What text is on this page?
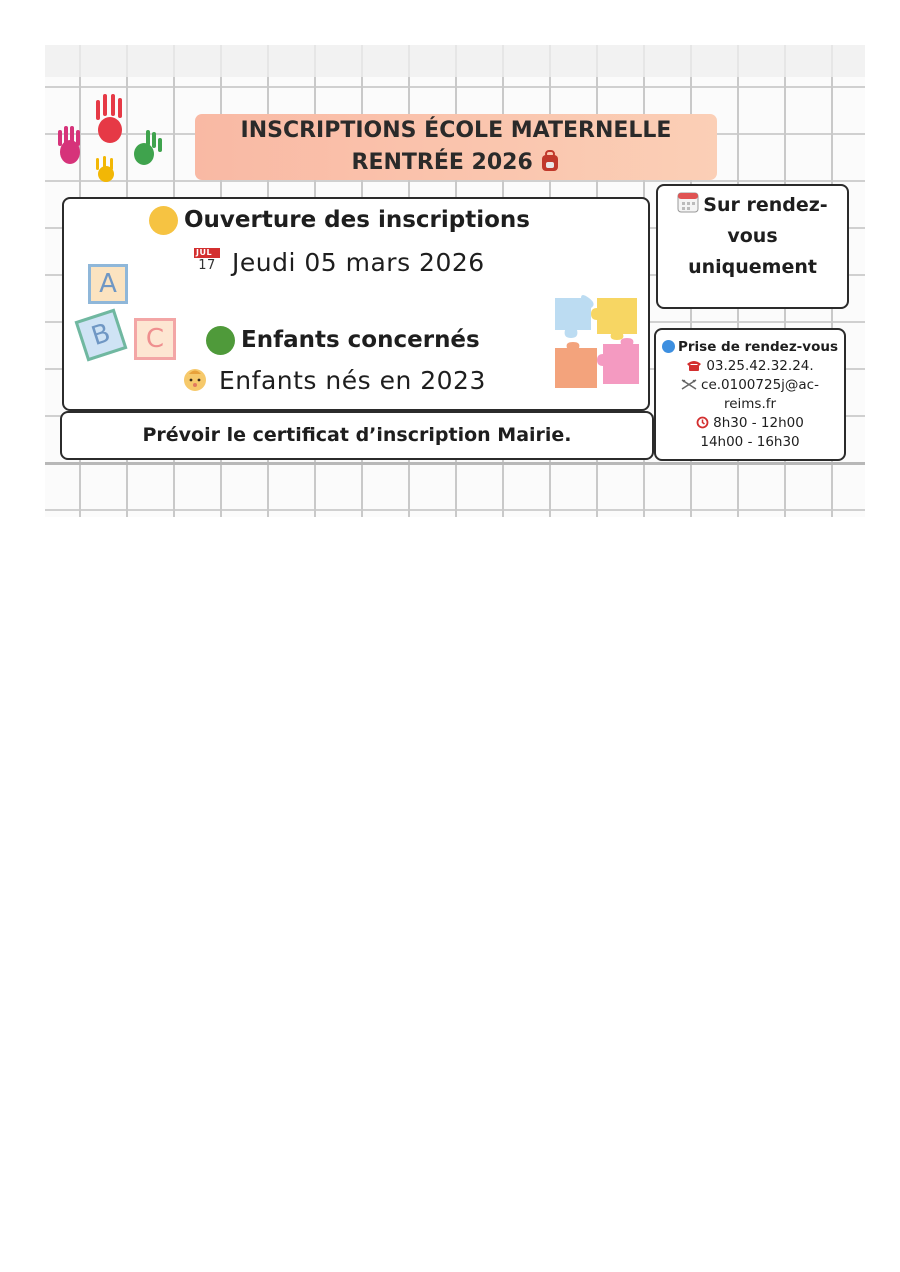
INSCRIPTIONS ÉCOLE MATERNELLE
RENTRÉE 2026
Ouverture des inscriptions
JUL
17 Jeudi 05 mars 2026
A
B	C	Enfants concernés
Enfants nés en 2023
Sur rendez-
vous
uniquement
Prise de rendez-vous
03.25.42.32.24.
ce.0100725j@ac-
reims.fr
8h30 - 12h00
14h00 - 16h30
Prévoir le certificat d’inscription Mairie.
